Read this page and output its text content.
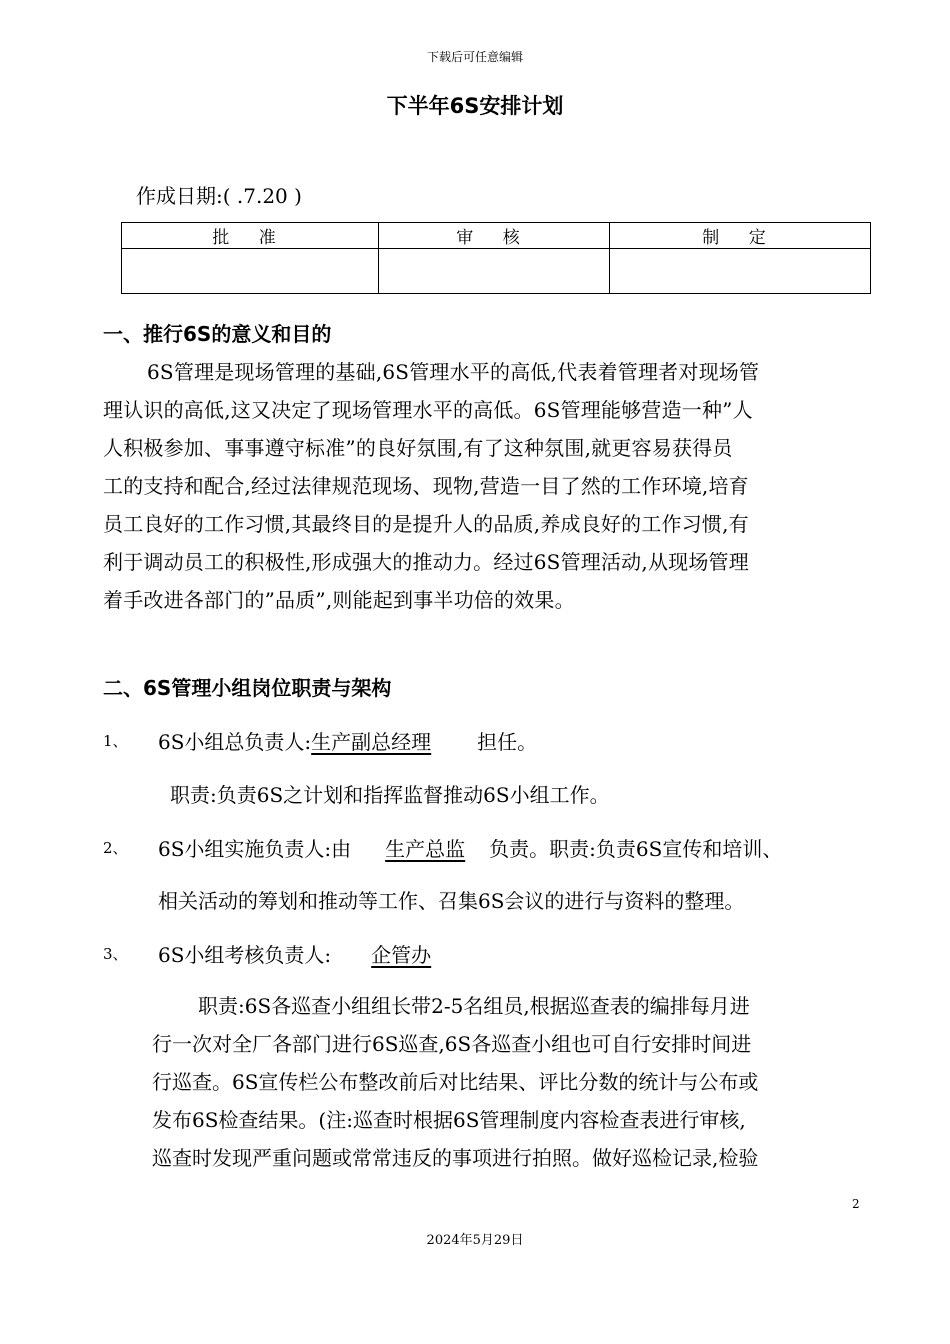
下载后可任意编辑
下半年6S安排计划
作成日期:( .7.20 )
批 准	审 核	制 定

一、推行6S的意义和目的
6S管理是现场管理的基础,6S管理水平的高低,代表着管理者对现场管
理认识的高低,这又决定了现场管理水平的高低。6S管理能够营造一种”人
人积极参加、事事遵守标准”的良好氛围,有了这种氛围,就更容易获得员
工的支持和配合,经过法律规范现场、现物,营造一目了然的工作环境,培育
员工良好的工作习惯,其最终目的是提升人的品质,养成良好的工作习惯,有
利于调动员工的积极性,形成强大的推动力。经过6S管理活动,从现场管理
着手改进各部门的”品质”,则能起到事半功倍的效果。
二、6S管理小组岗位职责与架构
1、 6S小组总负责人:生产副总经理 担任。
职责:负责6S之计划和指挥监督推动6S小组工作。
2、 6S小组实施负责人:由 生产总监 负责。职责:负责6S宣传和培训、
相关活动的筹划和推动等工作、召集6S会议的进行与资料的整理。
3、 6S小组考核负责人: 企管办
职责:6S各巡查小组组长带2-5名组员,根据巡查表的编排每月进
行一次对全厂各部门进行6S巡查,6S各巡查小组也可自行安排时间进
行巡查。6S宣传栏公布整改前后对比结果、评比分数的统计与公布或
发布6S检查结果。(注:巡查时根据6S管理制度内容检查表进行审核,
巡查时发现严重问题或常常违反的事项进行拍照。做好巡检记录,检验
2
2024年5月29日
